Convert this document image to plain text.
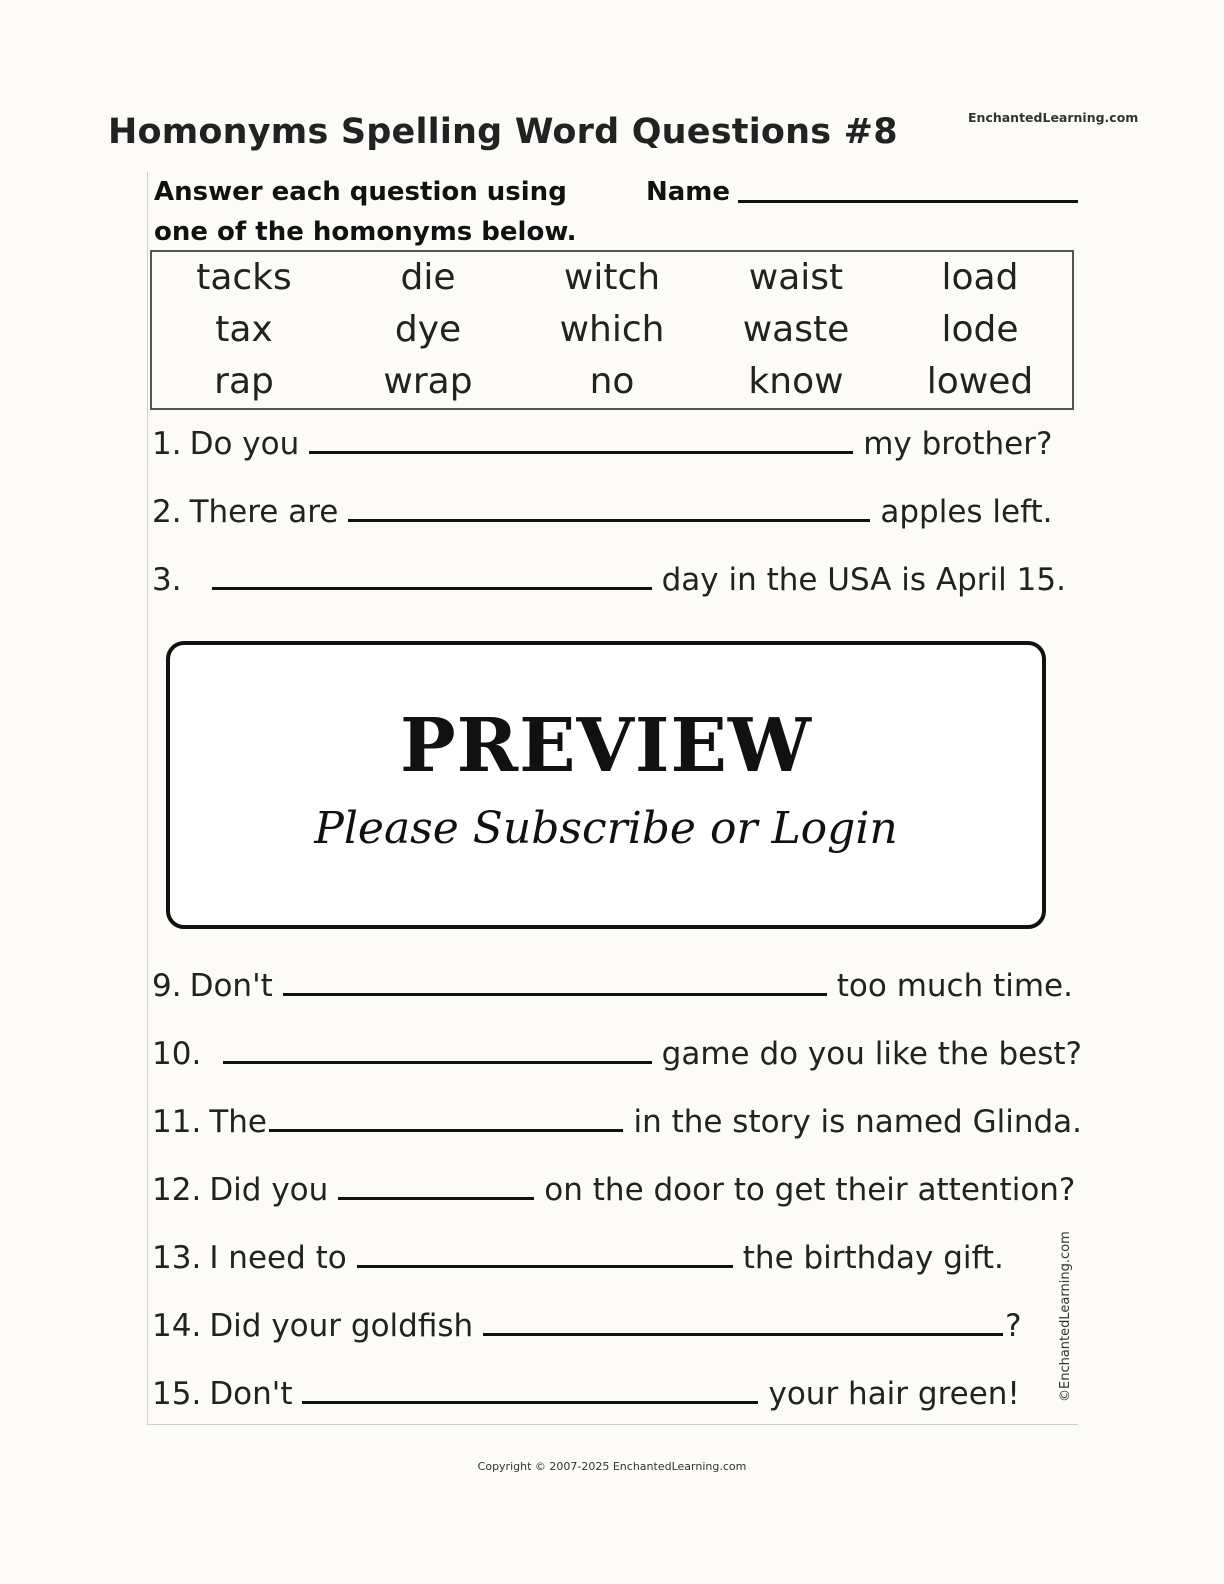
Homonyms Spelling Word Questions #8	EnchantedLearning.com
Answer each question using
one of the homonyms below.
Name
tacks	die	witch	waist	load
tax	dye	which	waste	lode
rap	wrap	no	know	lowed
1. Do you	my brother?
2. There are	apples left.
3.	day in the USA is April 15.
9. Don't	too much time.
10.	game do you like the best?
11. The	in the story is named Glinda.
12. Did you	on the door to get their attention?
13. I need to	the birthday gift.
14. Did your goldfish	?
15. Don't	your hair green!	©EnchantedLearning.com
PREVIEW
Please Subscribe or Login
Copyright © 2007-2025 EnchantedLearning.com
